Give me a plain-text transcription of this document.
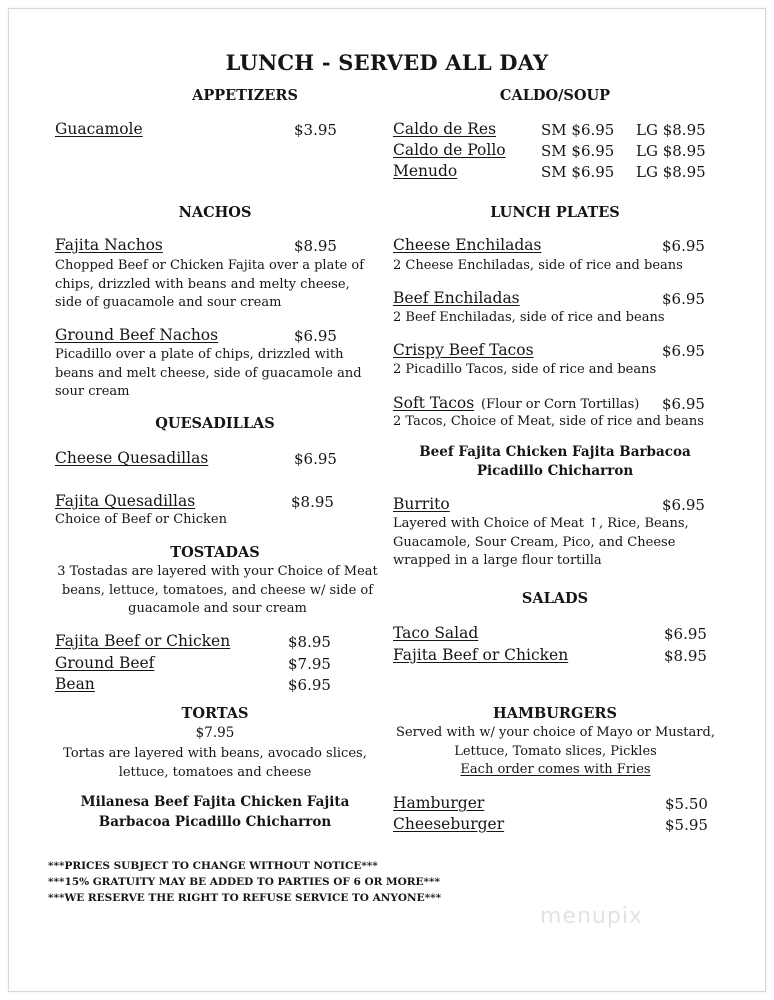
LUNCH - SERVED ALL DAY
APPETIZERS
Guacamole	$3.95
CALDO/SOUP
Caldo de Res	SM $6.95 LG $8.95
Caldo de Pollo SM $6.95 LG $8.95
Menudo	SM $6.95 LG $8.95
NACHOS
Fajita Nachos	$8.95
Chopped Beef or Chicken Fajita over a plate of chips, drizzled with beans and melty cheese, side of guacamole and sour cream
Ground Beef Nachos	$6.95
Picadillo over a plate of chips, drizzled with beans and melt cheese, side of guacamole and sour cream
LUNCH PLATES
Cheese Enchiladas	$6.95
2 Cheese Enchiladas, side of rice and beans
Beef Enchiladas	$6.95
2 Beef Enchiladas, side of rice and beans
Crispy Beef Tacos	$6.95
2 Picadillo Tacos, side of rice and beans
Soft Tacos (Flour or Corn Tortillas) $6.95
2 Tacos, Choice of Meat, side of rice and beans
Beef Fajita Chicken Fajita Barbacoa
Picadillo Chicharron
Burrito	$6.95
Layered with Choice of Meat ↑, Rice, Beans, Guacamole, Sour Cream, Pico, and Cheese wrapped in a large flour tortilla
QUESADILLAS
Cheese Quesadillas	$6.95
Fajita Quesadillas	$8.95
Choice of Beef or Chicken
TOSTADAS
3 Tostadas are layered with your Choice of Meat beans, lettuce, tomatoes, and cheese w/ side of guacamole and sour cream
Fajita Beef or Chicken	$8.95
Ground Beef	$7.95
Bean	$6.95
SALADS
Taco Salad	$6.95
Fajita Beef or Chicken	$8.95
TORTAS
$7.95
Tortas are layered with beans, avocado slices, lettuce, tomatoes and cheese
Milanesa Beef Fajita Chicken Fajita
Barbacoa Picadillo Chicharron
HAMBURGERS
Served with w/ your choice of Mayo or Mustard, Lettuce, Tomato slices, Pickles
Each order comes with Fries
Hamburger	$5.50
Cheeseburger	$5.95
***PRICES SUBJECT TO CHANGE WITHOUT NOTICE***
***15% GRATUITY MAY BE ADDED TO PARTIES OF 6 OR MORE***
***WE RESERVE THE RIGHT TO REFUSE SERVICE TO ANYONE***
menupix
